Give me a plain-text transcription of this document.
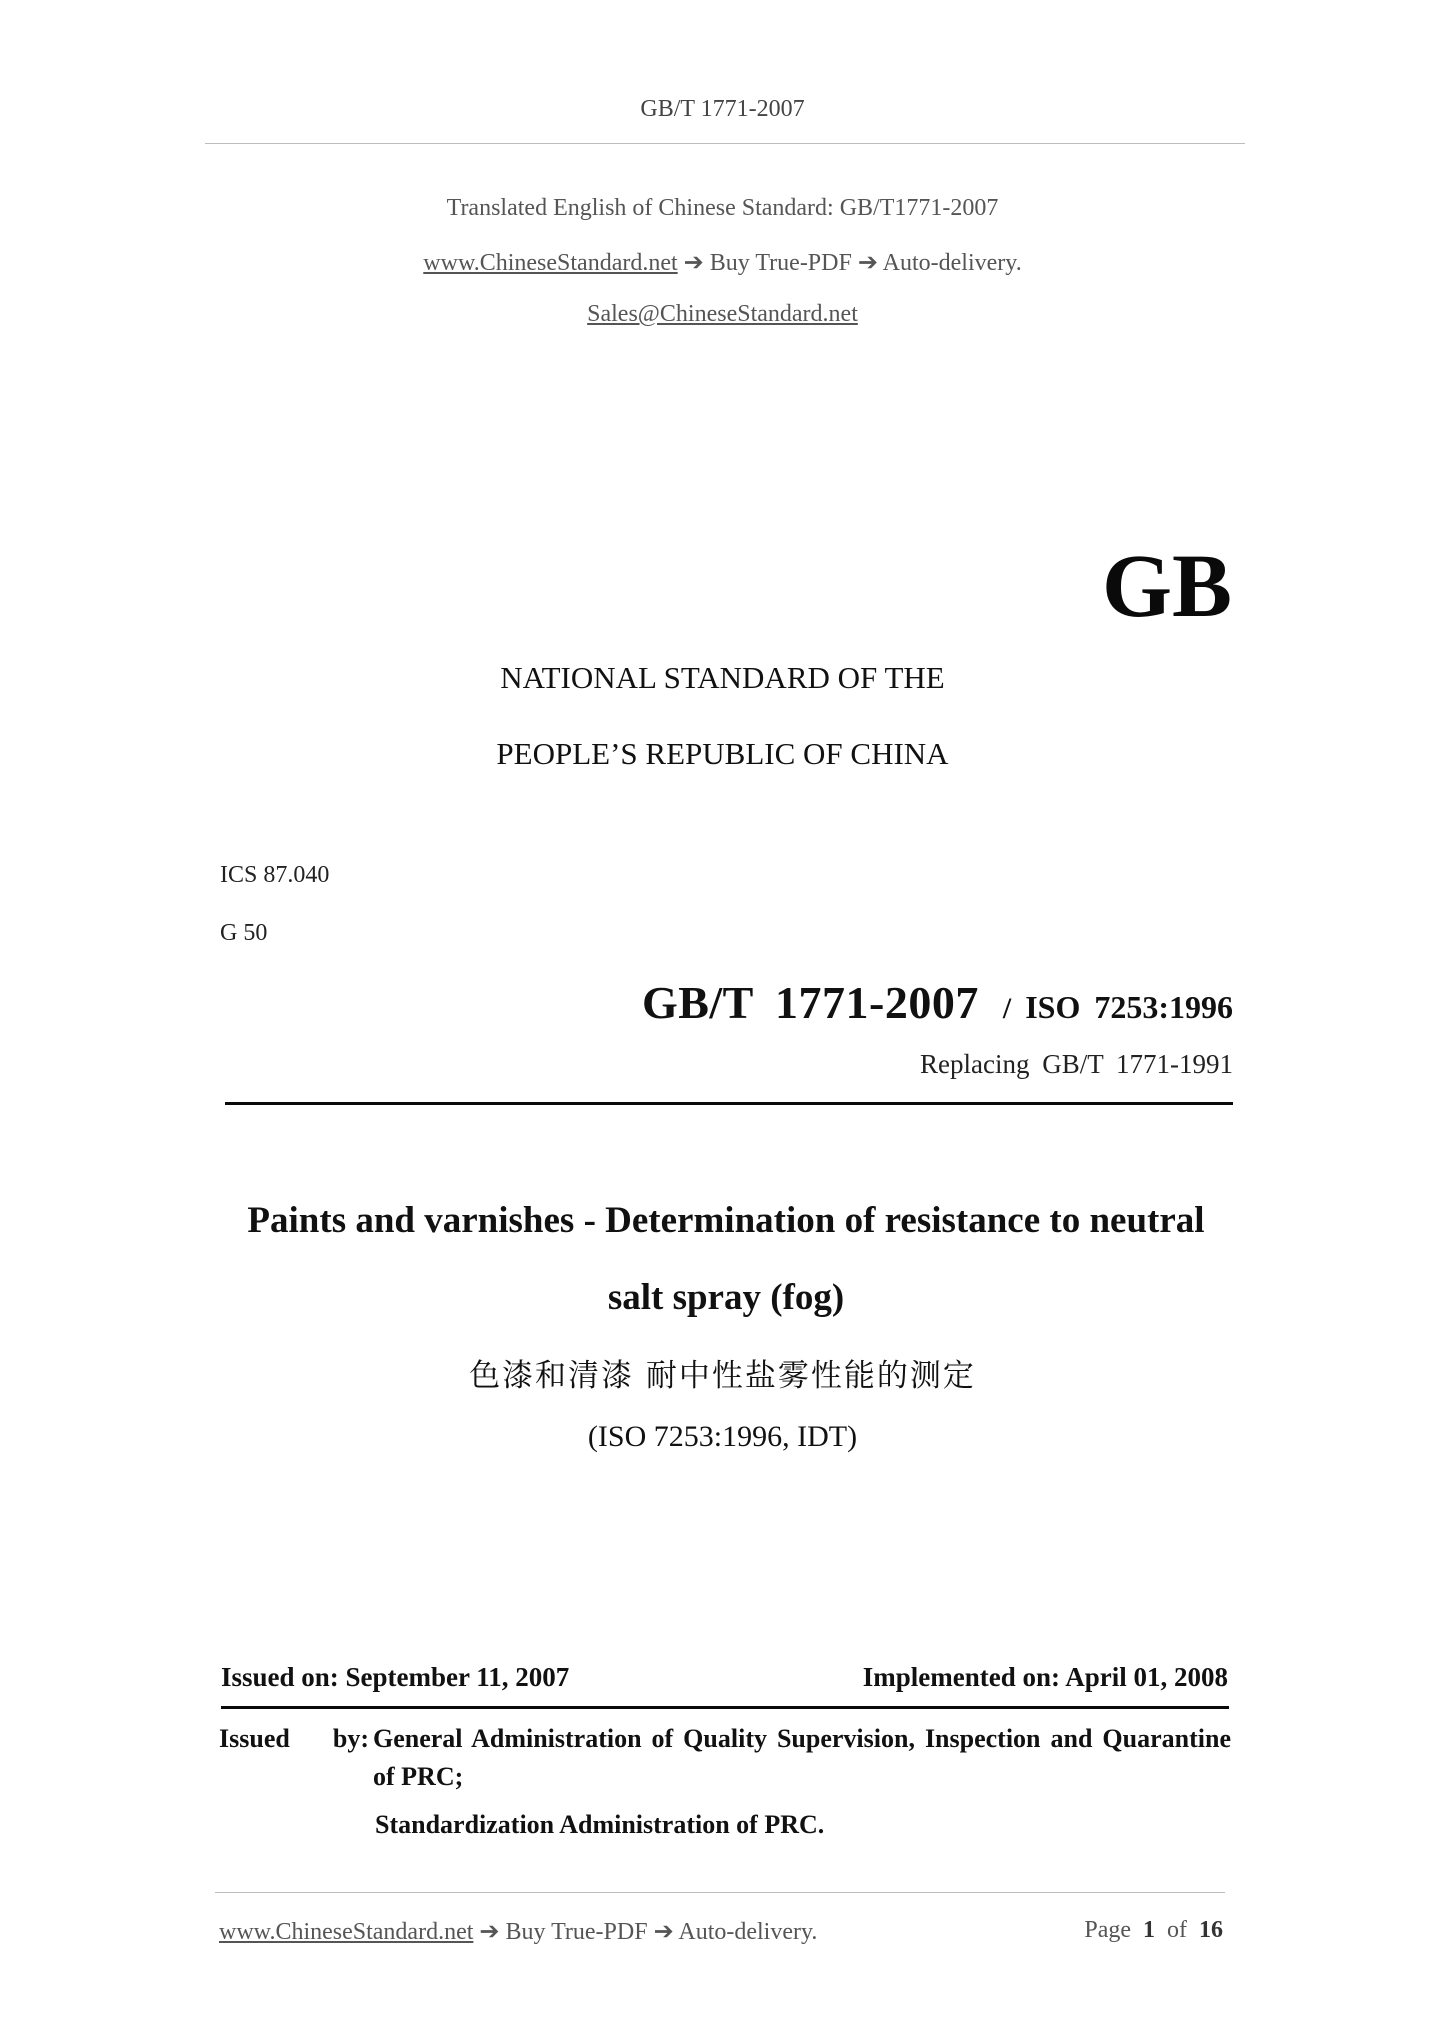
GB/T 1771-2007
Translated English of Chinese Standard: GB/T1771-2007
www.ChineseStandard.net ➔ Buy True-PDF ➔ Auto-delivery.
Sales@ChineseStandard.net
GB
NATIONAL STANDARD OF THE
PEOPLE’S REPUBLIC OF CHINA
ICS 87.040
G 50
GB/T 1771-2007 / ISO 7253:1996
Replacing GB/T 1771-1991
Paints and varnishes - Determination of resistance to neutral salt spray (fog)
色漆和清漆 耐中性盐雾性能的测定
(ISO 7253:1996, IDT)
Issued on: September 11, 2007	Implemented on: April 01, 2008
Issued by: General Administration of Quality Supervision, Inspection and Quarantine of PRC;
Standardization Administration of PRC.
www.ChineseStandard.net ➔ Buy True-PDF ➔ Auto-delivery.	Page 1 of 16
